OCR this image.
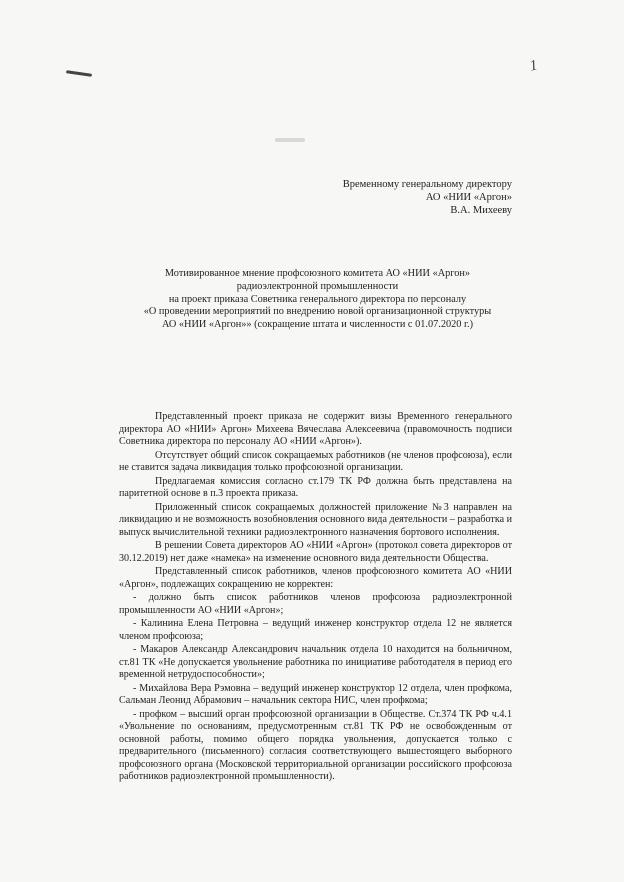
1
Временному генеральному директору
АО «НИИ «Аргон»
В.А. Михееву
Мотивированное мнение профсоюзного комитета АО «НИИ «Аргон»
радиоэлектронной промышленности
на проект приказа Советника генерального директора по персоналу
«О проведении мероприятий по внедрению новой организационной структуры
АО «НИИ «Аргон»» (сокращение штата и численности с 01.07.2020 г.)

Представленный проект приказа не содержит визы Временного генерального директора АО «НИИ» Аргон» Михеева Вячеслава Алексеевича (правомочность подписи Советника директора по персоналу АО «НИИ «Аргон»).

Отсутствует общий список сокращаемых работников (не членов профсоюза), если не ставится задача ликвидация только профсоюзной организации.

Предлагаемая комиссия согласно ст.179 ТК РФ должна быть представлена на паритетной основе в п.3 проекта приказа.

Приложенный список сокращаемых должностей приложение №3 направлен на ликвидацию и не возможность возобновления основного вида деятельности – разработка и выпуск вычислительной техники радиоэлектронного назначения бортового исполнения.

В решении Совета директоров АО «НИИ «Аргон» (протокол совета директоров от 30.12.2019) нет даже «намека» на изменение основного вида деятельности Общества.

Представленный список работников, членов профсоюзного комитета АО «НИИ «Аргон», подлежащих сокращению не корректен:

- должно быть список работников членов профсоюза радиоэлектронной промышленности АО «НИИ «Аргон»;

- Калинина Елена Петровна – ведущий инженер конструктор отдела 12 не является членом профсоюза;

- Макаров Александр Александрович начальник отдела 10 находится на больничном, ст.81 ТК «Не допускается увольнение работника по инициативе работодателя в период его временной нетрудоспособности»;

- Михайлова Вера Рэмовна – ведущий инженер конструктор 12 отдела, член профкома, Сальман Леонид Абрамович – начальник сектора НИС, член профкома;

- профком – высший орган профсоюзной организации в Обществе. Ст.374 ТК РФ ч.4.1 «Увольнение по основаниям, предусмотренным ст.81 ТК РФ не освобожденным от основной работы, помимо общего порядка увольнения, допускается только с предварительного (письменного) согласия соответствующего вышестоящего выборного профсоюзного органа (Московской территориальной организации российского профсоюза работников радиоэлектронной промышленности).
